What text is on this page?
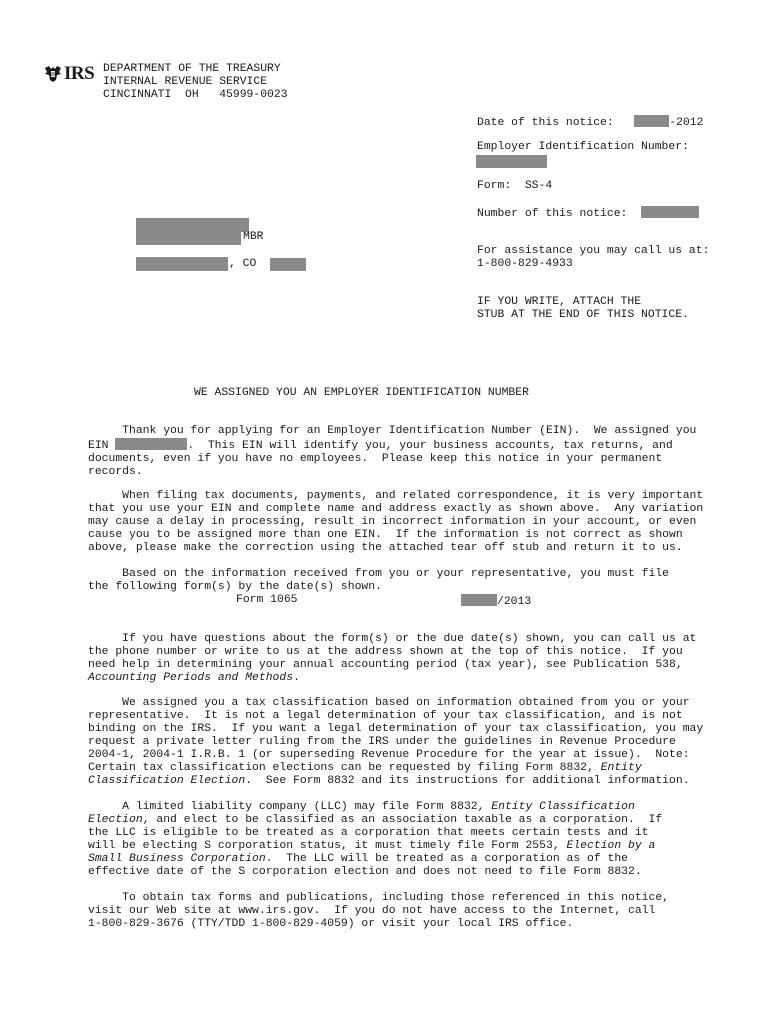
IRS DEPARTMENT OF THE TREASURY
INTERNAL REVENUE SERVICE
CINCINNATI  OH   45999-0023
Date of this notice:	-2012
Employer Identification Number:
Form:  SS-4
Number of this notice:
For assistance you may call us at:
1-800-829-4933
IF YOU WRITE, ATTACH THE
STUB AT THE END OF THIS NOTICE.
MBR
, CO
WE ASSIGNED YOU AN EMPLOYER IDENTIFICATION NUMBER

Thank you for applying for an Employer Identification Number (EIN).  We assigned you
EIN	.  This EIN will identify you, your business accounts, tax returns, and
documents, even if you have no employees.  Please keep this notice in your permanent
records.

When filing tax documents, payments, and related correspondence, it is very important
that you use your EIN and complete name and address exactly as shown above.  Any variation
may cause a delay in processing, result in incorrect information in your account, or even
cause you to be assigned more than one EIN.  If the information is not correct as shown
above, please make the correction using the attached tear off stub and return it to us.

Based on the information received from you or your representative, you must file
the following form(s) by the date(s) shown.

Form 1065	/2013

If you have questions about the form(s) or the due date(s) shown, you can call us at
the phone number or write to us at the address shown at the top of this notice.  If you
need help in determining your annual accounting period (tax year), see Publication 538,
Accounting Periods and Methods.

We assigned you a tax classification based on information obtained from you or your
representative.  It is not a legal determination of your tax classification, and is not
binding on the IRS.  If you want a legal determination of your tax classification, you may
request a private letter ruling from the IRS under the guidelines in Revenue Procedure
2004-1, 2004-1 I.R.B. 1 (or superseding Revenue Procedure for the year at issue).  Note:
Certain tax classification elections can be requested by filing Form 8832, Entity
Classification Election.  See Form 8832 and its instructions for additional information.

A limited liability company (LLC) may file Form 8832, Entity Classification
Election, and elect to be classified as an association taxable as a corporation.  If
the LLC is eligible to be treated as a corporation that meets certain tests and it
will be electing S corporation status, it must timely file Form 2553, Election by a
Small Business Corporation.  The LLC will be treated as a corporation as of the
effective date of the S corporation election and does not need to file Form 8832.

To obtain tax forms and publications, including those referenced in this notice,
visit our Web site at www.irs.gov.  If you do not have access to the Internet, call
1-800-829-3676 (TTY/TDD 1-800-829-4059) or visit your local IRS office.
